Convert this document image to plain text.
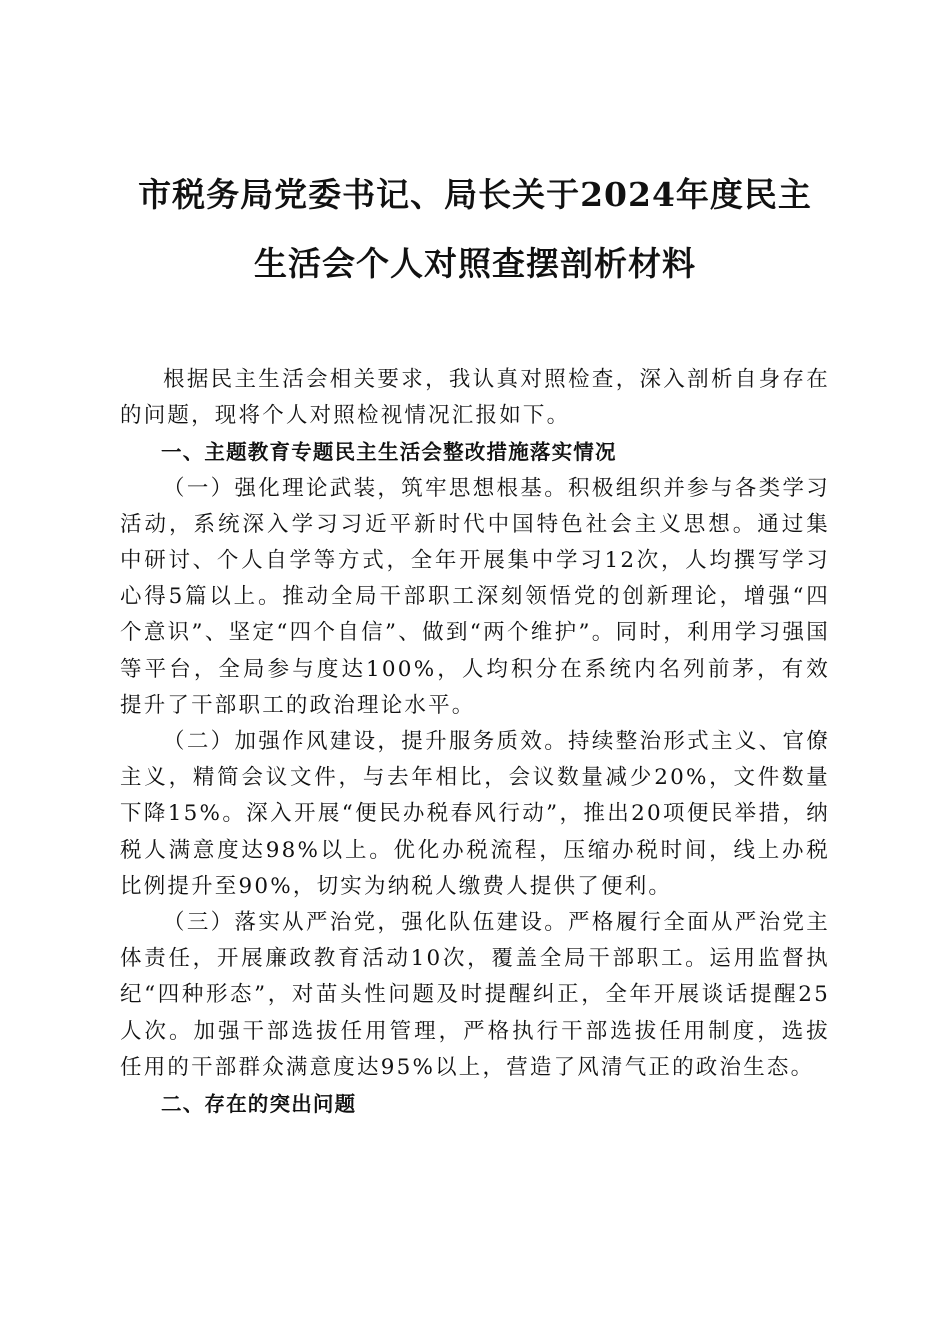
市税务局党委书记、局长关于2024年度民主
生活会个人对照查摆剖析材料

根据民主生活会相关要求，我认真对照检查，深入剖析自身存在的问题，现将个人对照检视情况汇报如下。

一、主题教育专题民主生活会整改措施落实情况

（一）强化理论武装，筑牢思想根基。积极组织并参与各类学习活动，系统深入学习习近平新时代中国特色社会主义思想。通过集中研讨、个人自学等方式，全年开展集中学习12次，人均撰写学习心得5篇以上。推动全局干部职工深刻领悟党的创新理论，增强“四个意识”、坚定“四个自信”、做到“两个维护”。同时，利用学习强国等平台，全局参与度达100%，人均积分在系统内名列前茅，有效提升了干部职工的政治理论水平。

（二）加强作风建设，提升服务质效。持续整治形式主义、官僚主义，精简会议文件，与去年相比，会议数量减少20%，文件数量下降15%。深入开展“便民办税春风行动”，推出20项便民举措，纳税人满意度达98%以上。优化办税流程，压缩办税时间，线上办税比例提升至90%，切实为纳税人缴费人提供了便利。

（三）落实从严治党，强化队伍建设。严格履行全面从严治党主体责任，开展廉政教育活动10次，覆盖全局干部职工。运用监督执纪“四种形态”，对苗头性问题及时提醒纠正，全年开展谈话提醒25人次。加强干部选拔任用管理，严格执行干部选拔任用制度，选拔任用的干部群众满意度达95%以上，营造了风清气正的政治生态。

二、存在的突出问题
